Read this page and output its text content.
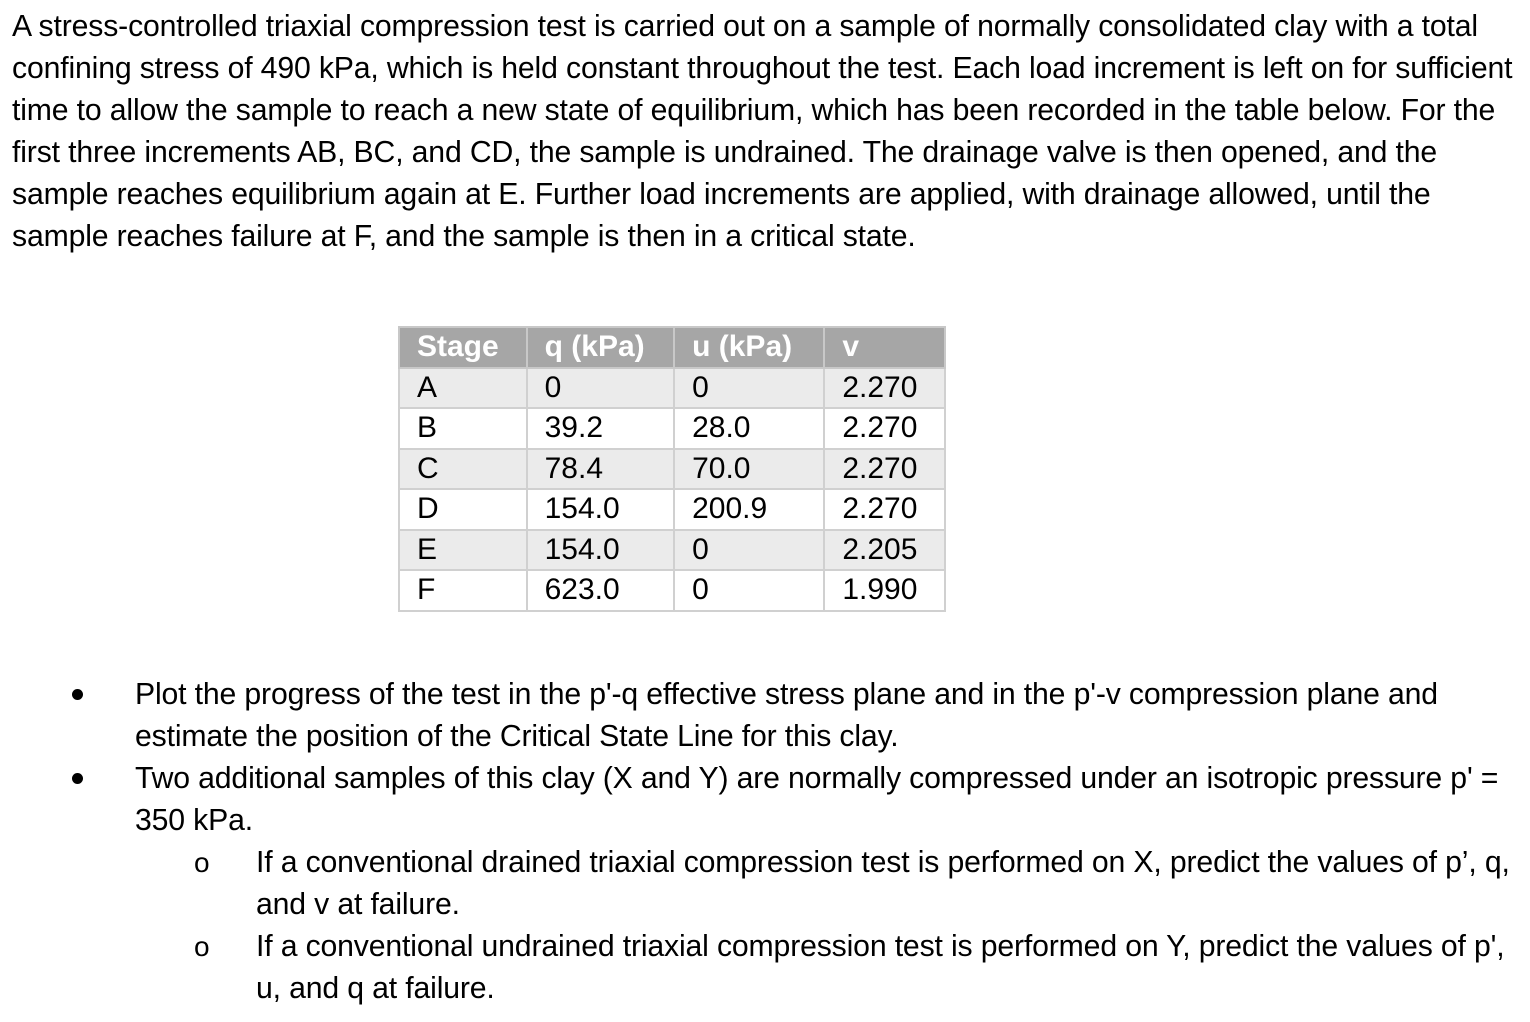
A stress-controlled triaxial compression test is carried out on a sample of normally consolidated clay with a total confining stress of 490 kPa, which is held constant throughout the test. Each load increment is left on for sufficient time to allow the sample to reach a new state of equilibrium, which has been recorded in the table below. For the first three increments AB, BC, and CD, the sample is undrained. The drainage valve is then opened, and the sample reaches equilibrium again at E. Further load increments are applied, with drainage allowed, until the sample reaches failure at F, and the sample is then in a critical state.

Stage	q (kPa)	u (kPa)	v
A	0	0	2.270
B	39.2	28.0	2.270
C	78.4	70.0	2.270
D	154.0	200.9	2.270
E	154.0	0	2.205
F	623.0	0	1.990
Plot the progress of the test in the p'-q effective stress plane and in the p'-v compression plane and estimate the position of the Critical State Line for this clay.
Two additional samples of this clay (X and Y) are normally compressed under an isotropic pressure p' = 350 kPa.
o If a conventional drained triaxial compression test is performed on X, predict the values of p’, q, and v at failure.
o If a conventional undrained triaxial compression test is performed on Y, predict the values of p', u, and q at failure.
